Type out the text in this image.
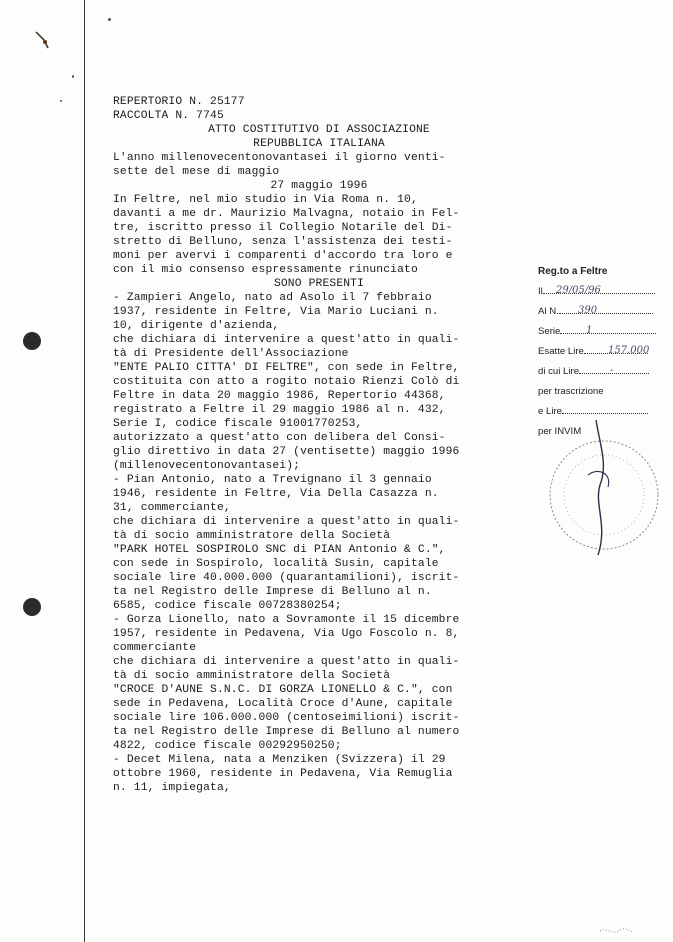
REPERTORIO N. 25177
RACCOLTA N. 7745
ATTO COSTITUTIVO DI ASSOCIAZIONE
REPUBBLICA ITALIANA
L'anno millenovecentonovantasei il giorno venti-
sette del mese di maggio
27 maggio 1996
In Feltre, nel mio studio in Via Roma n. 10,
davanti a me dr. Maurizio Malvagna, notaio in Fel-
tre, iscritto presso il Collegio Notarile del Di-
stretto di Belluno, senza l'assistenza dei testi-
moni per avervi i comparenti d'accordo tra loro e
con il mio consenso espressamente rinunciato
SONO PRESENTI
- Zampieri Angelo, nato ad Asolo il 7 febbraio
1937, residente in Feltre, Via Mario Luciani n.
10, dirigente d'azienda,
che dichiara di intervenire a quest'atto in quali-
tà di Presidente dell'Associazione
"ENTE PALIO CITTA' DI FELTRE", con sede in Feltre,
costituita con atto a rogito notaio Rienzi Colò di
Feltre in data 20 maggio 1986, Repertorio 44368,
registrato a Feltre il 29 maggio 1986 al n. 432,
Serie I, codice fiscale 91001770253,
autorizzato a quest'atto con delibera del Consi-
glio direttivo in data 27 (ventisette) maggio 1996
(millenovecentonovantasei);
- Pian Antonio, nato a Trevignano il 3 gennaio
1946, residente in Feltre, Via Della Casazza n.
31, commerciante,
che dichiara di intervenire a quest'atto in quali-
tà di socio amministratore della Società
"PARK HOTEL SOSPIROLO SNC di PIAN Antonio & C.",
con sede in Sospirolo, località Susin, capitale
sociale lire 40.000.000 (quarantamilioni), iscrit-
ta nel Registro delle Imprese di Belluno al n.
6585, codice fiscale 00728380254;
- Gorza Lionello, nato a Sovramonte il 15 dicembre
1957, residente in Pedavena, Via Ugo Foscolo n. 8,
commerciante
che dichiara di intervenire a quest'atto in quali-
tà di socio amministratore della Società
"CROCE D'AUNE S.N.C. DI GORZA LIONELLO & C.", con
sede in Pedavena, Località Croce d'Aune, capitale
sociale lire 106.000.000 (centoseimilioni) iscrit-
ta nel Registro delle Imprese di Belluno al numero
4822, codice fiscale 00292950250;
- Decet Milena, nata a Menziken (Svizzera) il 29
ottobre 1960, residente in Pedavena, Via Remuglia
n. 11, impiegata,
Reg.to a Feltre
Il 29/05/96
Al N. 390
Serie	1
Esatte Lire 157.000
di cui Lire	-
per trascrizione
e Lire
per INVIM
